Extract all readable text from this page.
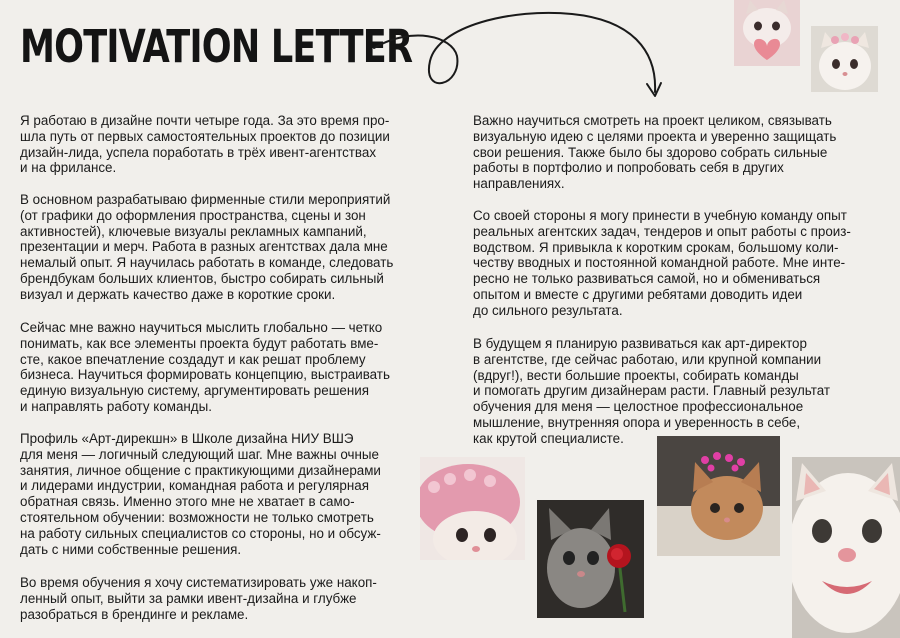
MOTIVATION LETTER

Я работаю в дизайне почти четыре года. За это время про-
шла путь от первых самостоятельных проектов до позиции
дизайн-лида, успела поработать в трёх ивент-агентствах
и на фрилансе.

В основном разрабатываю фирменные стили мероприятий
(от графики до оформления пространства, сцены и зон
активностей), ключевые визуалы рекламных кампаний,
презентации и мерч. Работа в разных агентствах дала мне
немалый опыт. Я научилась работать в команде, следовать
брендбукам больших клиентов, быстро собирать сильный
визуал и держать качество даже в короткие сроки.

Сейчас мне важно научиться мыслить глобально — четко
понимать, как все элементы проекта будут работать вме-
сте, какое впечатление создадут и как решат проблему
бизнеса. Научиться формировать концепцию, выстраивать
единую визуальную систему, аргументировать решения
и направлять работу команды.

Профиль «Арт-дирекшн» в Школе дизайна НИУ ВШЭ
для меня — логичный следующий шаг. Мне важны очные
занятия, личное общение с практикующими дизайнерами
и лидерами индустрии, командная работа и регулярная
обратная связь. Именно этого мне не хватает в само-
стоятельном обучении: возможности не только смотреть
на работу сильных специалистов со стороны, но и обсуж-
дать с ними собственные решения.

Во время обучения я хочу систематизировать уже накоп-
ленный опыт, выйти за рамки ивент-дизайна и глубже
разобраться в брендинге и рекламе.

Важно научиться смотреть на проект целиком, связывать
визуальную идею с целями проекта и уверенно защищать
свои решения. Также было бы здорово собрать сильные
работы в портфолио и попробовать себя в других
направлениях.

Со своей стороны я могу принести в учебную команду опыт
реальных агентских задач, тендеров и опыт работы с произ-
водством. Я привыкла к коротким срокам, большому коли-
честву вводных и постоянной командной работе. Мне инте-
ресно не только развиваться самой, но и обмениваться
опытом и вместе с другими ребятами доводить идеи
до сильного результата.

В будущем я планирую развиваться как арт-директор
в агентстве, где сейчас работаю, или крупной компании
(вдруг!), вести большие проекты, собирать команды
и помогать другим дизайнерам расти. Главный результат
обучения для меня — целостное профессиональное
мышление, внутренняя опора и уверенность в себе,
как крутой специалисте.
